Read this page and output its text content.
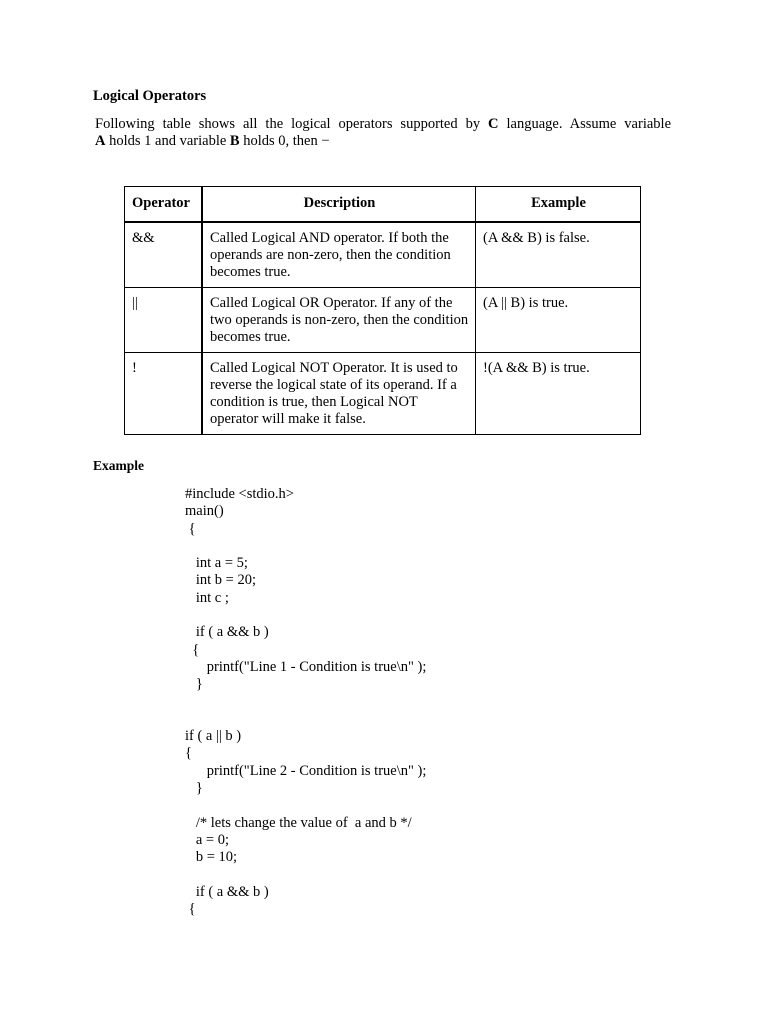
Logical Operators

Following table shows all the logical operators supported by C language. Assume variable
A holds 1 and variable B holds 0, then −

Operator	Description	Example
&&	Called Logical AND operator. If both the operands are non-zero, then the condition becomes true.	(A && B) is false.
||	Called Logical OR Operator. If any of the two operands is non-zero, then the condition becomes true.	(A || B) is true.
!	Called Logical NOT Operator. It is used to reverse the logical state of its operand. If a condition is true, then Logical NOT operator will make it false.	!(A && B) is true.
Example
#include <stdio.h>
main()
{
int a = 5;
int b = 20;
int c ;
if ( a && b )
{
printf("Line 1 - Condition is true\n" );
}
if ( a || b )
{
printf("Line 2 - Condition is true\n" );
}
/* lets change the value of  a and b */
a = 0;
b = 10;
if ( a && b )
{
